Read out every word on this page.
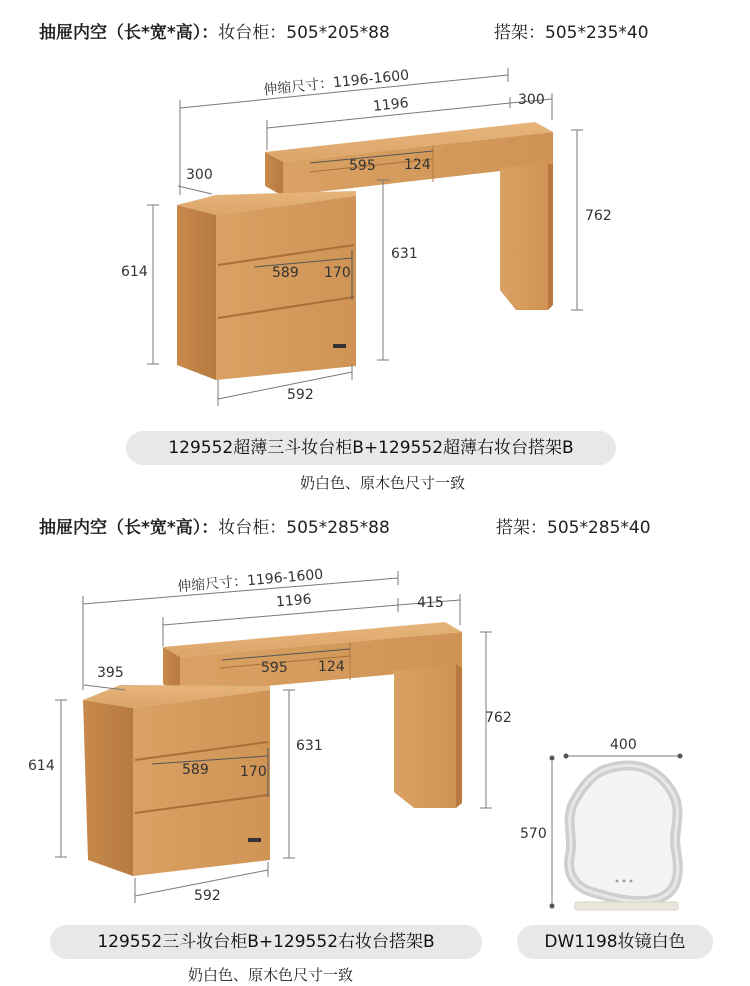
抽屉内空（长*宽*高）：妆台柜：505*205*88	搭架：505*235*40
伸缩尺寸：1196-1600
1196	300
300
595 124
762
631
614	589 170
592
129552超薄三斗妆台柜B+129552超薄右妆台搭架B
奶白色、原木色尺寸一致
抽屉内空（长*宽*高）：妆台柜：505*285*88	搭架：505*285*40
伸缩尺寸：1196-1600
1196	415
395	595 124
762
631
614	589 170
592
129552三斗妆台柜B+129552右妆台搭架B
奶白色、原木色尺寸一致
400
570
DW1198妆镜白色
